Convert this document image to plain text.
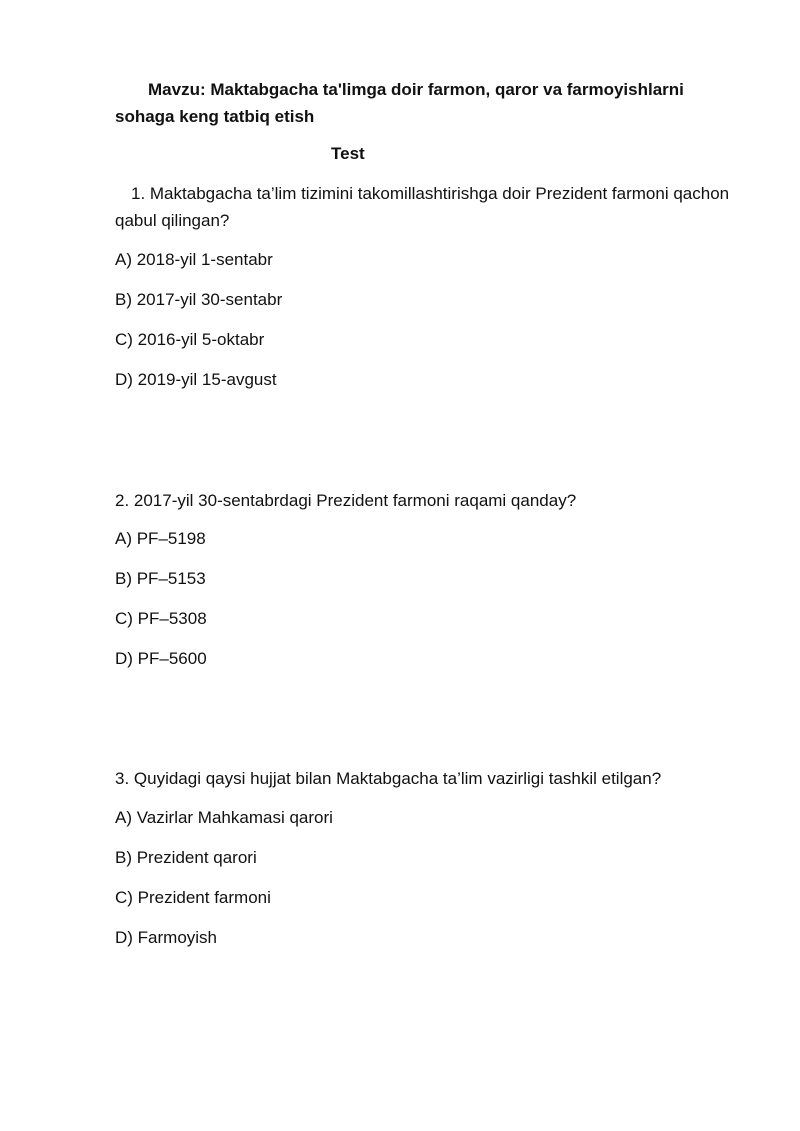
Mavzu: Maktabgacha ta'limga doir farmon, qaror va farmoyishlarni sohaga keng tatbiq etish
Test
1. Maktabgacha ta’lim tizimini takomillashtirishga doir Prezident farmoni qachon qabul qilingan?
A) 2018-yil 1-sentabr
B) 2017-yil 30-sentabr
C) 2016-yil 5-oktabr
D) 2019-yil 15-avgust
2. 2017-yil 30-sentabrdagi Prezident farmoni raqami qanday?
A) PF–5198
B) PF–5153
C) PF–5308
D) PF–5600
3. Quyidagi qaysi hujjat bilan Maktabgacha ta’lim vazirligi tashkil etilgan?
A) Vazirlar Mahkamasi qarori
B) Prezident qarori
C) Prezident farmoni
D) Farmoyish
